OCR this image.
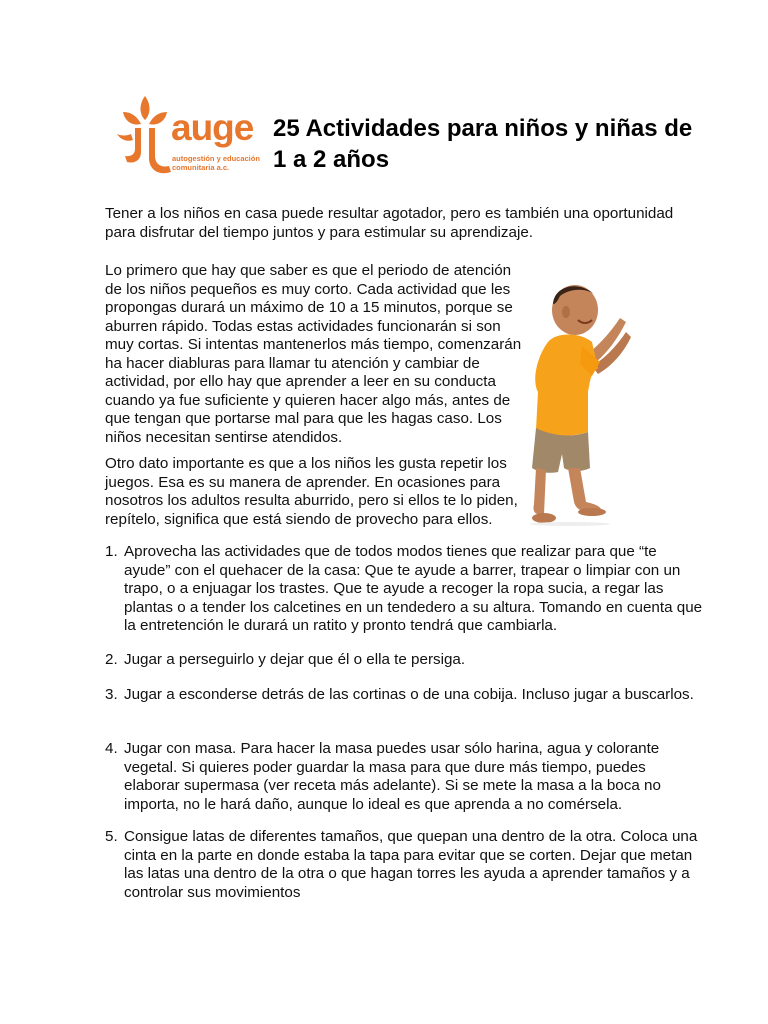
auge
autogestión y educación
comunitaria a.c.
25 Actividades para niños y niñas de 1 a 2 años

Tener a los niños en casa puede resultar agotador, pero es también una oportunidad para disfrutar del tiempo juntos y para estimular su aprendizaje.

Lo primero que hay que saber es que el periodo de atención de los niños pequeños es muy corto. Cada actividad que les propongas durará un máximo de 10 a 15 minutos, porque se aburren rápido. Todas estas actividades funcionarán si son muy cortas. Si intentas mantenerlos más tiempo, comenzarán ha hacer diabluras para llamar tu atención y cambiar de actividad, por ello hay que aprender a leer en su conducta cuando ya fue suficiente y quieren hacer algo más, antes de que tengan que portarse mal para que les hagas caso. Los niños necesitan sentirse atendidos.

Otro dato importante es que a los niños les gusta repetir los juegos. Esa es su manera de aprender. En ocasiones para nosotros los adultos resulta aburrido, pero si ellos te lo piden, repítelo, significa que está siendo de provecho para ellos.

1. Aprovecha las actividades que de todos modos tienes que realizar para que “te ayude” con el quehacer de la casa: Que te ayude a barrer, trapear o limpiar con un trapo, o a enjuagar los trastes. Que te ayude a recoger la ropa sucia, a regar las plantas o a tender los calcetines en un tendedero a su altura. Tomando en cuenta que la entretención le durará un ratito y pronto tendrá que cambiarla.
2. Jugar a perseguirlo y dejar que él o ella te persiga.
3. Jugar a esconderse detrás de las cortinas o de una cobija. Incluso jugar a buscarlos.
4. Jugar con masa. Para hacer la masa puedes usar sólo harina, agua y colorante vegetal. Si quieres poder guardar la masa para que dure más tiempo, puedes elaborar supermasa (ver receta más adelante). Si se mete la masa a la boca no importa, no le hará daño, aunque lo ideal es que aprenda a no comérsela.
5. Consigue latas de diferentes tamaños, que quepan una dentro de la otra. Coloca una cinta en la parte en donde estaba la tapa para evitar que se corten. Dejar que metan las latas una dentro de la otra o que hagan torres les ayuda a aprender tamaños y a controlar sus movimientos
